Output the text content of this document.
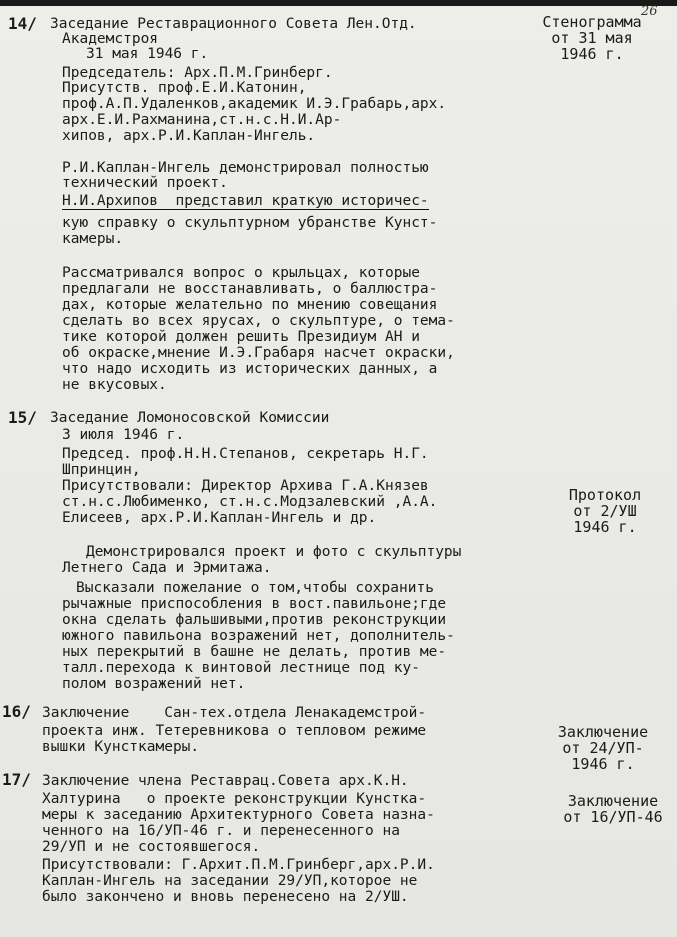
26
14/ Заседание Реставрационного Совета Лен.Отд.
Академстроя
31 мая 1946 г.
Председатель: Арх.П.М.Гринберг.
Присутств. проф.Е.И.Катонин, проф.А.П.Удаленков,академик И.Э.Грабарь,арх.
арх.Е.И.Рахманина,ст.н.с.Н.И.Ар-
хипов, арх.Р.И.Каплан-Ингель.
Стенограмма
от 31 мая
1946 г.
Р.И.Каплан-Ингель демонстрировал полностью
технический проект.
Н.И.Архипов  представил краткую историчес-
кую справку о скульптурном убранстве Кунст-
камеры.
Рассматривался вопрос о крыльцах, которые
предлагали не восстанавливать, о баллюстра-
дах, которые желательно по мнению совещания
сделать во всех ярусах, о скульптуре, о тема-
тике которой должен решить Президиум АН и
об окраске,мнение И.Э.Грабаря насчет окраски,
что надо исходить из исторических данных, а
не вкусовых.
15/ Заседание Ломоносовской Комиссии
3 июля 1946 г.
Председ. проф.Н.Н.Степанов, секретарь Н.Г.
Шпринцин,
Присутствовали: Директор Архива Г.А.Князев
ст.н.с.Любименко, ст.н.с.Модзалевский ,А.А.
Елисеев, арх.Р.И.Каплан-Ингель и др.
Протокол
от 2/УШ
1946 г.
Демонстрировался проект и фото с скульптуры
Летнего Сада и Эрмитажа.
Высказали пожелание о том,чтобы сохранить
рычажные приспособления в вост.павильоне;где
окна сделать фальшивыми,против реконструкции
южного павильона возражений нет, дополнитель-
ных перекрытий в башне не делать, против ме-
талл.перехода к винтовой лестнице под ку-
полом возражений нет.
16/ Заключение    Сан-тех.отдела Ленакадемстрой-
проекта инж. Тетеревникова о тепловом режиме
вышки Кунсткамеры.
Заключение
от 24/УП-
1946 г.
17/ Заключение члена Реставрац.Совета арх.К.Н.
Халтурина   о проекте реконструкции Кунстка-
меры к заседанию Архитектурного Совета назна-
ченного на 16/УП-46 г. и перенесенного на
29/УП и не состоявшегося.
Присутствовали: Г.Архит.П.М.Гринберг,арх.Р.И.
Каплан-Ингель на заседании 29/УП,которое не
было закончено и вновь перенесено на 2/УШ.
Заключение
от 16/УП-46
